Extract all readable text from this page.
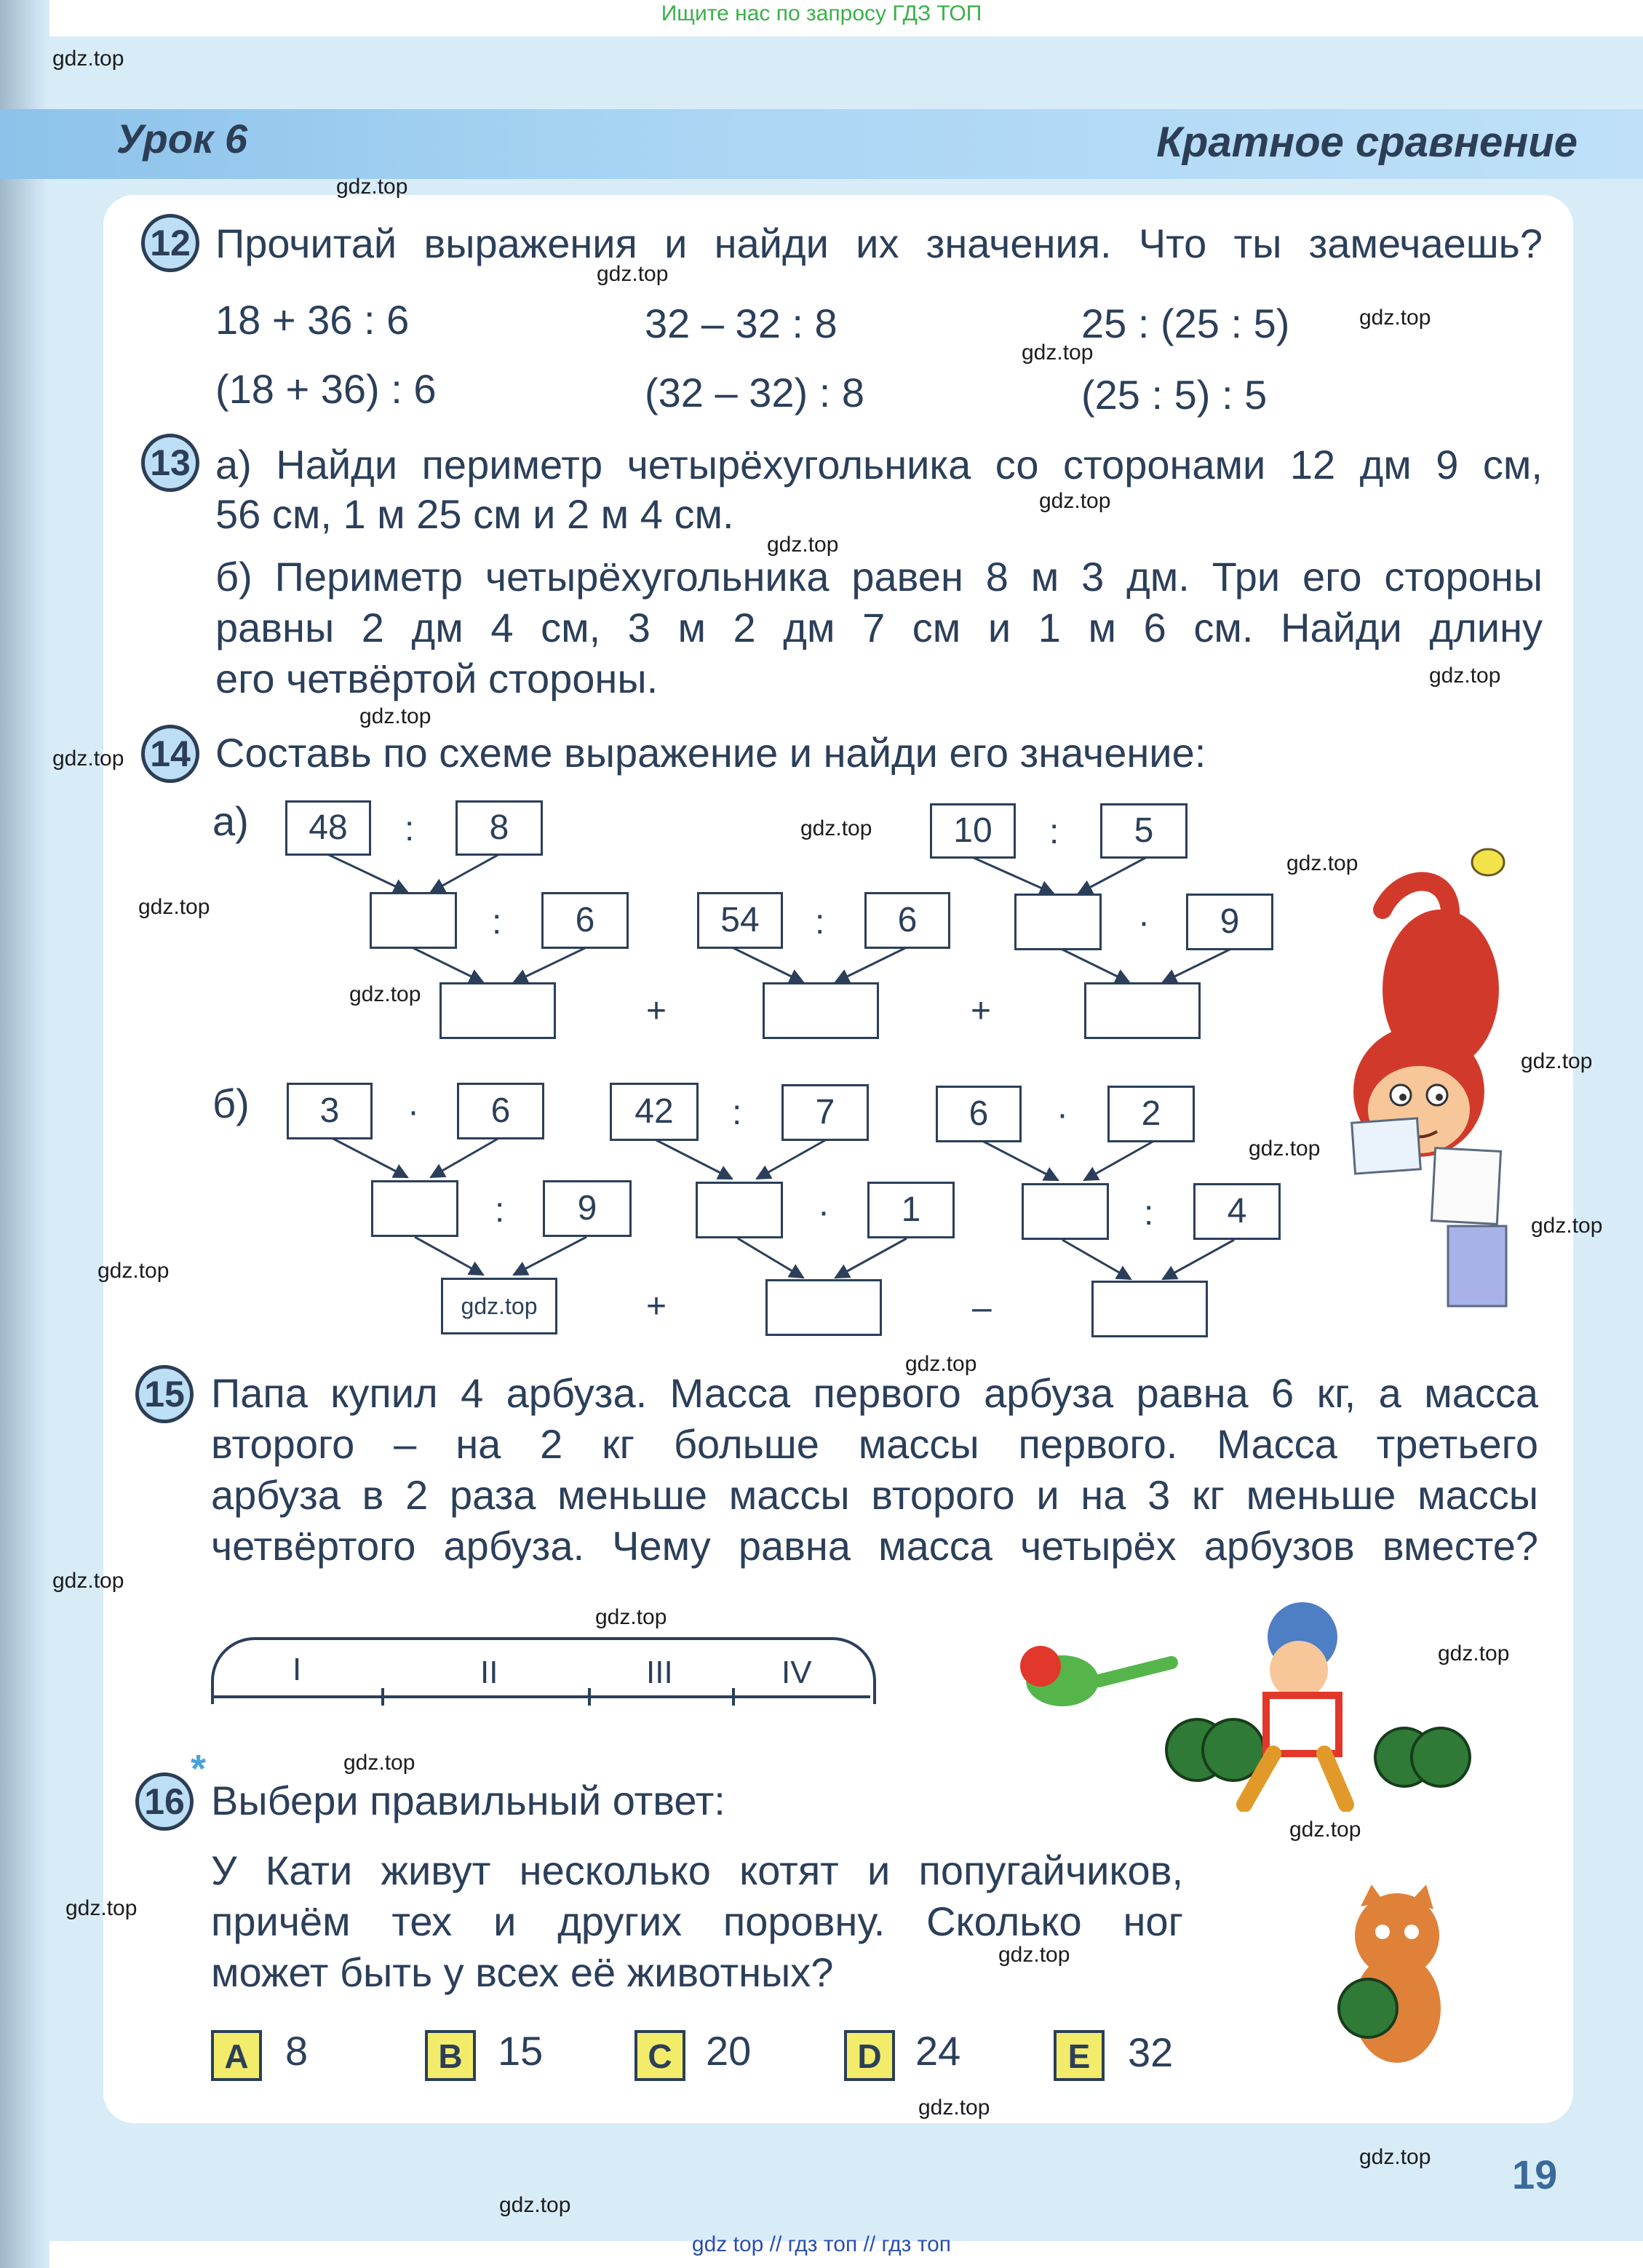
Ищите нас по запросу ГДЗ ТОП
Урок 6	Кратное сравнение
12 Прочитай выражения и найди их значения. Что ты замечаешь?
18 + 36 : 6	32 – 32 : 8	25 : (25 : 5)
(18 + 36) : 6	(32 – 32) : 8	(25 : 5) : 5
13 а) Найди периметр четырёхугольника со сторонами 12 дм 9 см,
56 см, 1 м 25 см и 2 м 4 см.
б) Периметр четырёхугольника равен 8 м 3 дм. Три его стороны
равны 2 дм 4 см, 3 м 2 дм 7 см и 1 м 6 см. Найди длину
его четвёртой стороны.
14 Составь по схеме выражение и найди его значение:
а)
б)
48	:	8
:	6	54	:	6
+	+
10	:	5
·	9
3	·	6
:	9
gdz.top
42	:	7
·	1
+	–
6	·	2
:	4
15 Папа купил 4 арбуза. Масса первого арбуза равна 6 кг, а масса
второго – на 2 кг больше массы первого. Масса третьего
арбуза в 2 раза меньше массы второго и на 3 кг меньше массы
четвёртого арбуза. Чему равна масса четырёх арбузов вместе?
I	II	III	IV
*
16 Выбери правильный ответ:
У Кати живут несколько котят и попугайчиков,
причём тех и других поровну. Сколько ног
может быть у всех её животных?
A 8	B 15	C 20	D 24	E 32
19
gdz top // гдз топ // гдз топ
gdz.top
gdz.top
gdz.top
gdz.top
gdz.top
gdz.top
gdz.top
gdz.top
gdz.top
gdz.top
gdz.top
gdz.top
gdz.top
gdz.top
gdz.top
gdz.top
gdz.top
gdz.top
gdz.top
gdz.top
gdz.top
gdz.top
gdz.top
gdz.top
gdz.top
gdz.top
gdz.top
gdz.top
gdz.top
